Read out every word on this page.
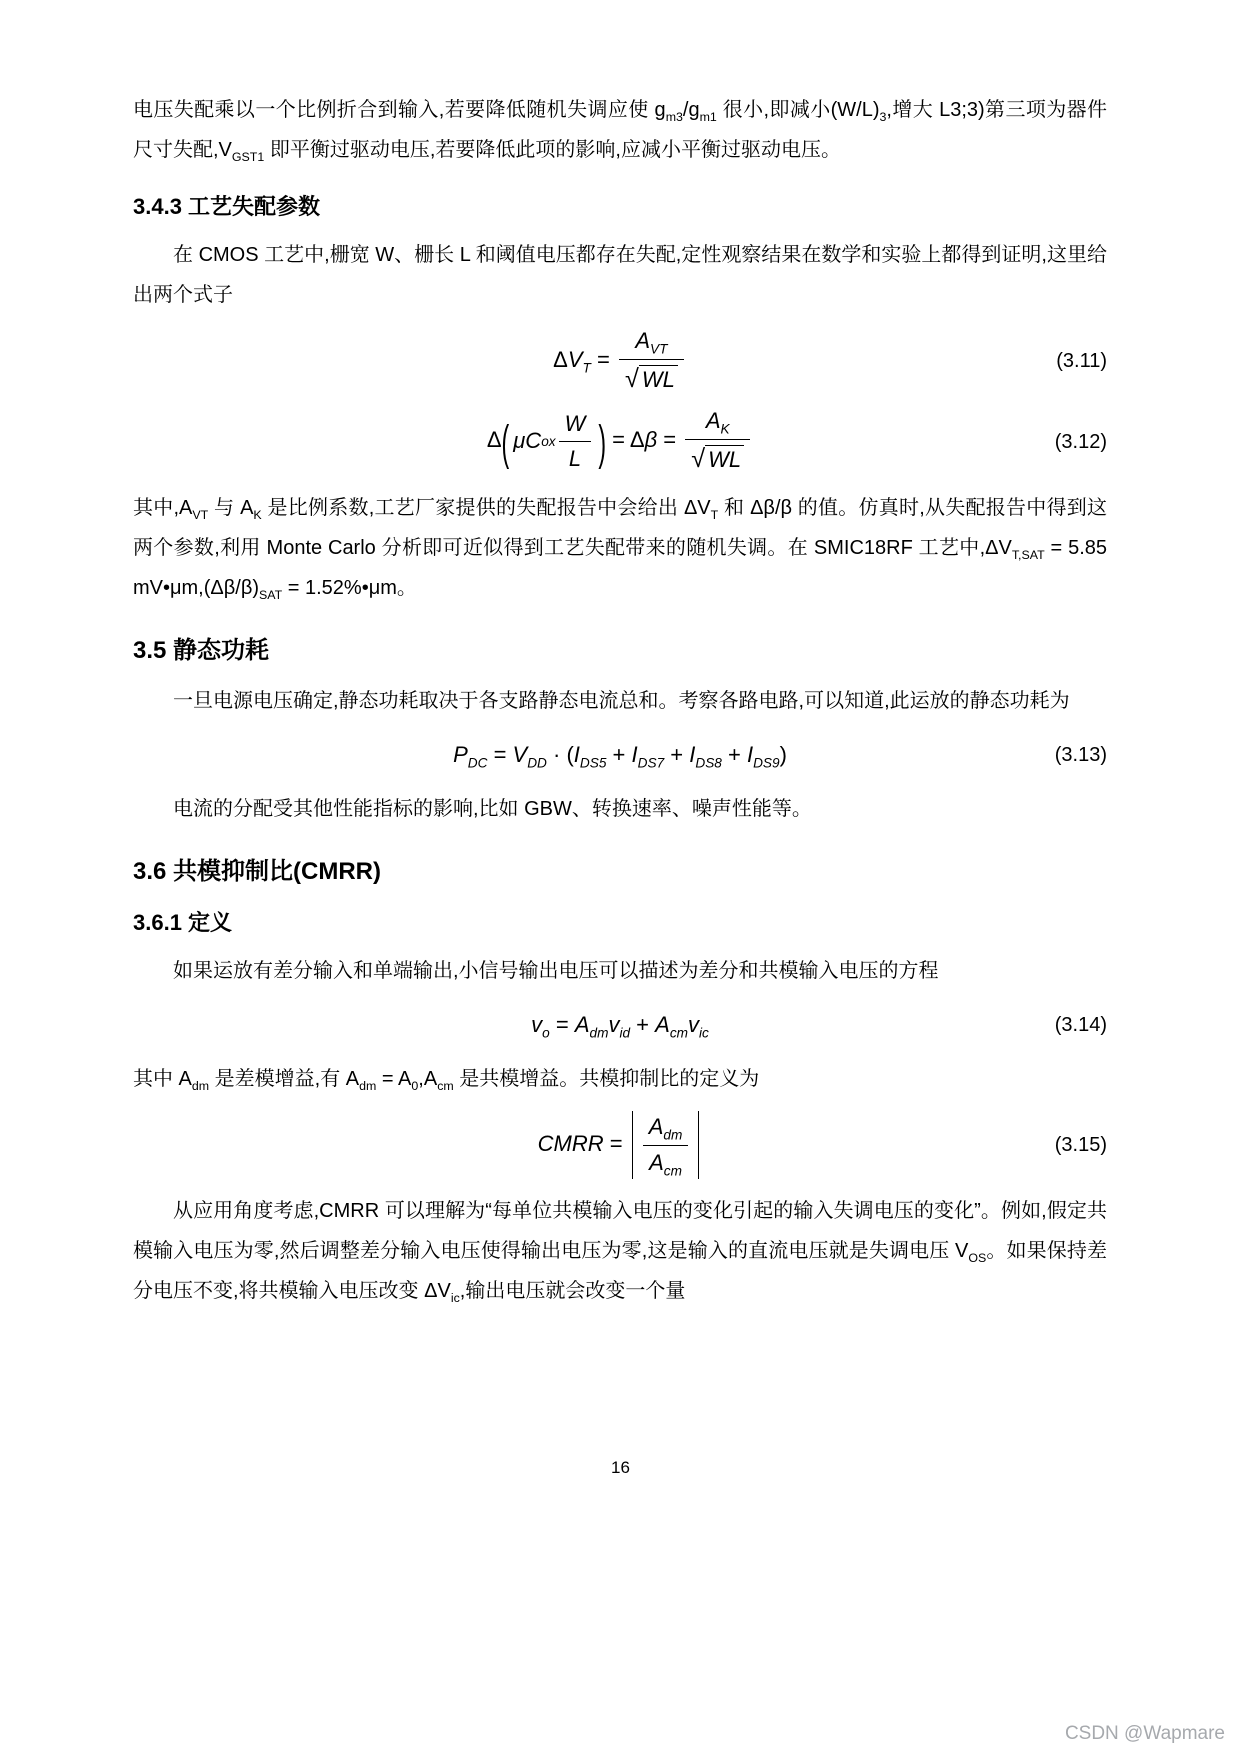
电压失配乘以一个比例折合到输入,若要降低随机失调应使 $g_{m3}/g_{m1}$ 很小,即减小$(W/L)_3$,增大 L3;3)第三项为器件尺寸失配$,V_{GST1}$ 即平衡过驱动电压,若要降低此项的影响,应减小平衡过驱动电压。

3.4.3 工艺失配参数

在 CMOS 工艺中,栅宽 W、栅长 L 和阈值电压都存在失配,定性观察结果在数学和实验上都得到证明,这里给出两个式子

$\Delta V_T = \frac{A_{VT}}{√ WL}$	(3.11)
Δ ( μC ox $\frac{W}{L}$
) = $\Delta\beta = \frac{A_K}{√ WL}$	(3.12)

其中$,A_{VT}$ 与 $A_K$ 是比例系数,工艺厂家提供的失配报告中会给出 $\Delta V_T$ 和 Δβ/β 的值。仿真时,从失配报告中得到这两个参数,利用 Monte Carlo 分析即可近似得到工艺失配带来的随机失调。在 SMIC18RF 工艺中$,\Delta V_{T,SAT} = 5.85$ $mV•\mu m,(\Delta\beta/\beta)_{SAT}$ = 1.52%•μm。

3.5 静态功耗

一旦电源电压确定,静态功耗取决于各支路静态电流总和。考察各路电路,可以知道,此运放的静态功耗为

$P_{DC} = V_{DD} \cdot (I_{DS5} + I_{DS7} + I_{DS8} + I_{DS9})$	(3.13)

电流的分配受其他性能指标的影响,比如 GBW、转换速率、噪声性能等。

3.6 共模抑制比(CMRR)
3.6.1 定义

如果运放有差分输入和单端输出,小信号输出电压可以描述为差分和共模输入电压的方程

$v_o = A_{dm}v_{id} + A_{cm}v_{ic}$	(3.14)

其中 $A_{dm}$ 是差模增益,有 $A_{dm} = A_0,A_{cm}$ 是共模增益。共模抑制比的定义为

CMRR = $\frac{A_{dm}}{A_{cm}}$	(3.15)

从应用角度考虑,CMRR 可以理解为“每单位共模输入电压的变化引起的输入失调电压的变化”。例如,假定共模输入电压为零,然后调整差分输入电压使得输出电压为零,这是输入的直流电压就是失调电压 $V_{OS}$。如果保持差分电压不变,将共模输入电压改变 $\Delta V_{ic}$,输出电压就会改变一个量

16
CSDN @Wapmare
